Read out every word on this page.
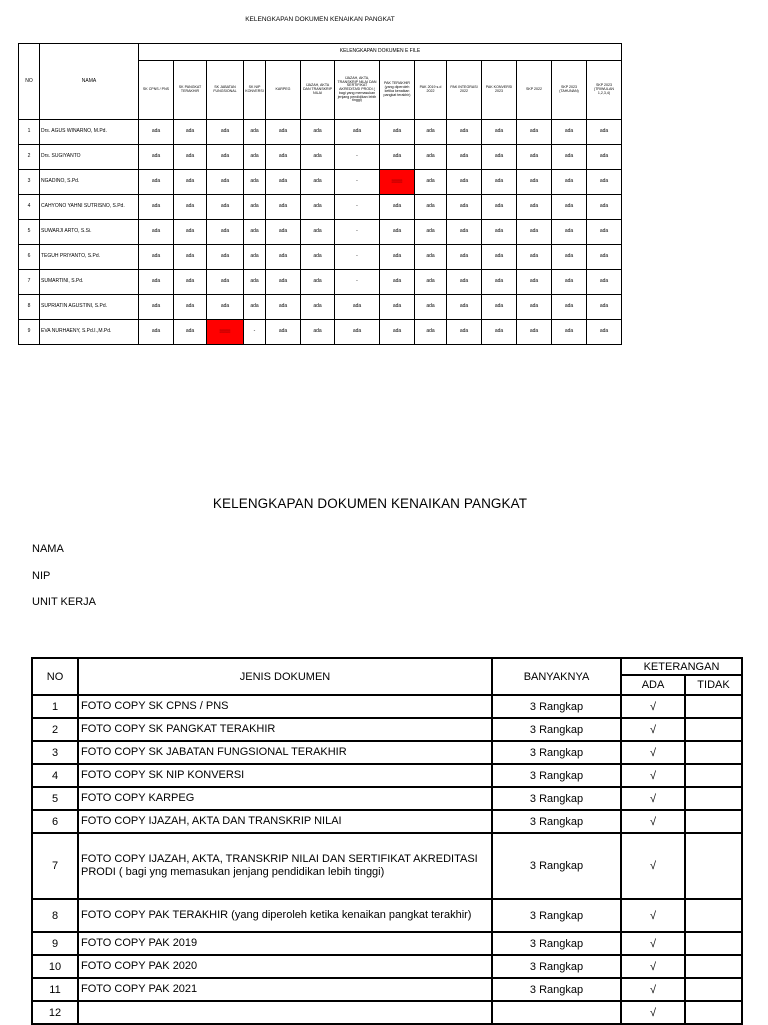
KELENGKAPAN DOKUMEN KENAIKAN PANGKAT
NO	NAMA	KELENGKAPAN DOKUMEN E FILE													
		SK CPNS / PNS	SK PANGKAT TERAKHIR	SK JABATAN FUNGSIONAL	SK NIP KONVERSI	KARPEG	IJAZAH, AKTA DAN TRANSKRIP NILAI	IJAZAH, AKTA, TRANSKRIP NILAI DAN SERTIFIKAT AKREDITASI PRODI ( bagi yang memasukan jenjang pendidikan lebih tinggi)	PAK TERAKHIR (yang diperoleh ketika kenaikan pangkat terakhir)	PAK 2019 s.d 2022	PAK INTEGRASI 2022	PAK KONVERSI 2023	SKP 2022	SKP 2023 (TAHUNAN)	SKP 2023 (TRIWULAN 1,2,3,4)
1	Drs. AGUS WINARNO, M.Pd.	ada	ada	ada	ada	ada	ada	ada	ada	ada	ada	ada	ada	ada	ada
2	Drs. SUGIYANTO	ada	ada	ada	ada	ada	ada	-	ada	ada	ada	ada	ada	ada	ada
3	NGADINO, S.Pd.	ada	ada	ada	ada	ada	ada	-	▒▒▒▒▒	ada	ada	ada	ada	ada	ada
4	CAHYONO YAHNI SUTRISNO, S.Pd.	ada	ada	ada	ada	ada	ada	-	ada	ada	ada	ada	ada	ada	ada
5	SUWARJI ARTO, S.Si.	ada	ada	ada	ada	ada	ada	-	ada	ada	ada	ada	ada	ada	ada
6	TEGUH PRIYANTO, S.Pd.	ada	ada	ada	ada	ada	ada	-	ada	ada	ada	ada	ada	ada	ada
7	SUMARTINI, S.Pd.	ada	ada	ada	ada	ada	ada	-	ada	ada	ada	ada	ada	ada	ada
8	SUPRIATIN AGUSTINI, S.Pd.	ada	ada	ada	ada	ada	ada	ada	ada	ada	ada	ada	ada	ada	ada
9	EVA NURHAENY, S.Pd.I.,M.Pd.	ada	ada	▒▒▒▒▒	-	ada	ada	ada	ada	ada	ada	ada	ada	ada	ada
KELENGKAPAN DOKUMEN KENAIKAN PANGKAT
NAMA
NIP
UNIT KERJA
NO	JENIS DOKUMEN	BANYAKNYA	KETERANGAN	
			ADA	TIDAK
1	FOTO COPY SK CPNS / PNS	3 Rangkap	√	
2	FOTO COPY SK PANGKAT TERAKHIR	3 Rangkap	√	
3	FOTO COPY SK JABATAN FUNGSIONAL TERAKHIR	3 Rangkap	√	
4	FOTO COPY SK NIP KONVERSI	3 Rangkap	√	
5	FOTO COPY KARPEG	3 Rangkap	√	
6	FOTO COPY IJAZAH, AKTA DAN TRANSKRIP NILAI	3 Rangkap	√	
7	FOTO COPY IJAZAH, AKTA, TRANSKRIP NILAI DAN SERTIFIKAT AKREDITASI PRODI ( bagi yng memasukan jenjang pendidikan lebih tinggi)	3 Rangkap	√	
8	FOTO COPY PAK TERAKHIR (yang diperoleh ketika kenaikan pangkat terakhir)	3 Rangkap	√	
9	FOTO COPY PAK 2019	3 Rangkap	√	
10	FOTO COPY PAK 2020	3 Rangkap	√	
11	FOTO COPY PAK 2021	3 Rangkap	√	
12			√	
